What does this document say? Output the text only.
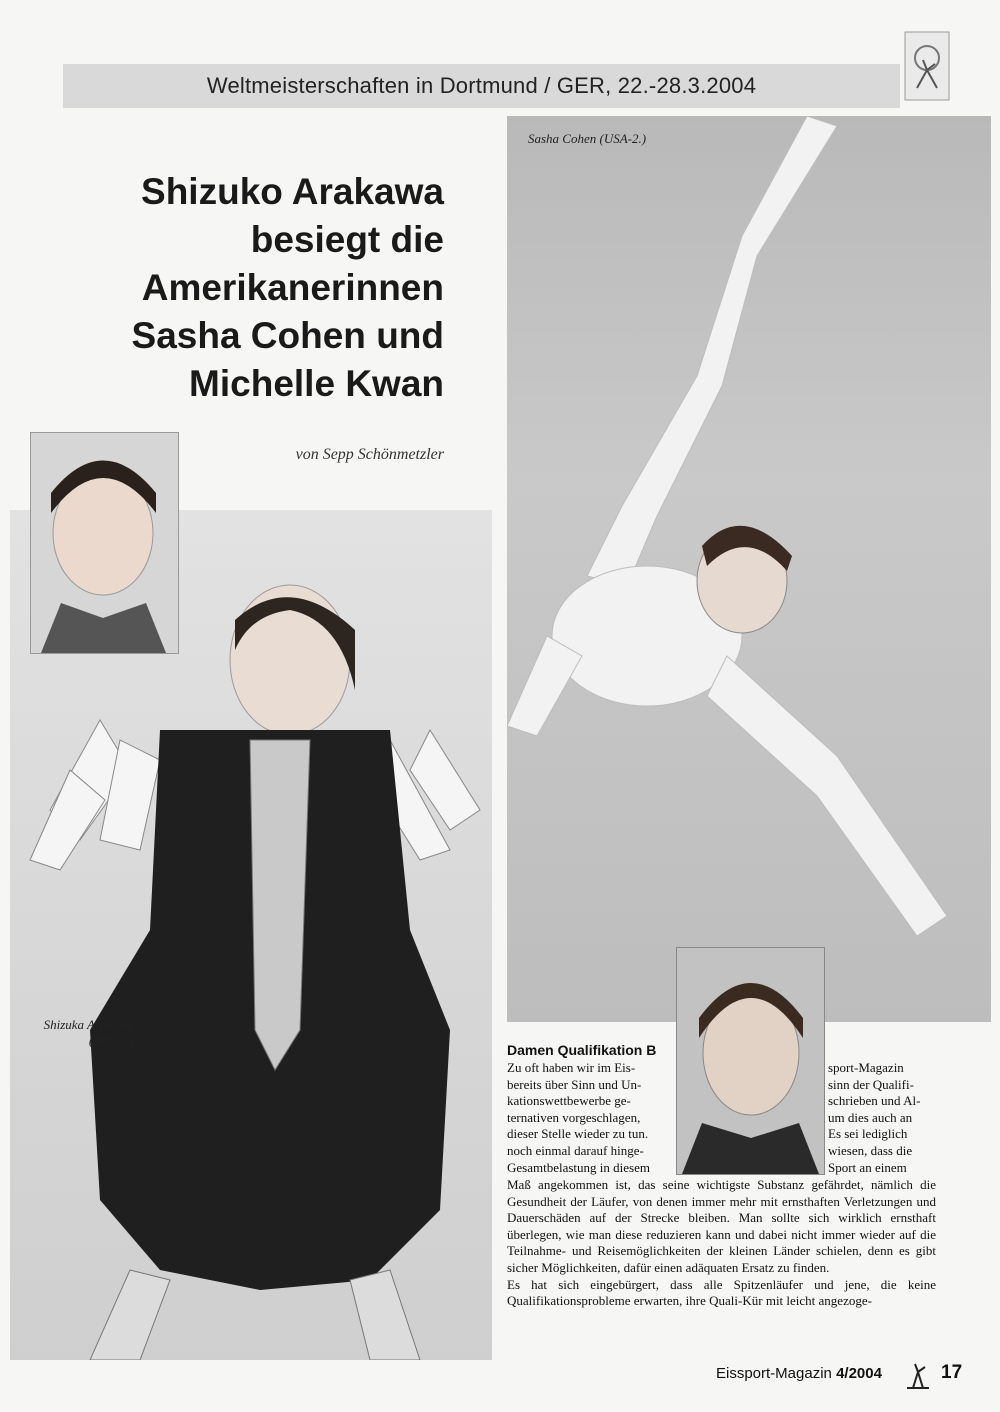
Weltmeisterschaften in Dortmund / GER, 22.-28.3.2004
Shizuko Arakawa
besiegt die
Amerikanerinnen
Sasha Cohen und
Michelle Kwan
von Sepp Schönmetzler
Sasha Cohen (USA-2.)
Shizuka Arakawa
(JPN-1.)
Damen Qualifikation B
Zu oft haben wir im Eis-
bereits über Sinn und Un-
kationswettbewerbe ge-
ternativen vorgeschlagen,
dieser Stelle wieder zu tun.
noch einmal darauf hinge-
Gesamtbelastung in diesem
sport-Magazin
sinn der Qualifi-
schrieben und Al-
um dies auch an
Es sei lediglich
wiesen, dass die
Sport an einem

Maß angekommen ist, das seine wichtigste Substanz gefährdet, nämlich die Gesundheit der Läufer, von denen immer mehr mit ernsthaften Verletzungen und Dauerschäden auf der Strecke bleiben. Man sollte sich wirklich ernsthaft überlegen, wie man diese reduzieren kann und dabei nicht immer wieder auf die Teilnahme- und Reisemöglichkeiten der kleinen Länder schielen, denn es gibt sicher Möglichkeiten, dafür einen adäquaten Ersatz zu finden.

Es hat sich eingebürgert, dass alle Spitzenläufer und jene, die keine Qualifikationsprobleme erwarten, ihre Quali-Kür mit leicht angezoge-

Eissport-Magazin 4/2004	17
